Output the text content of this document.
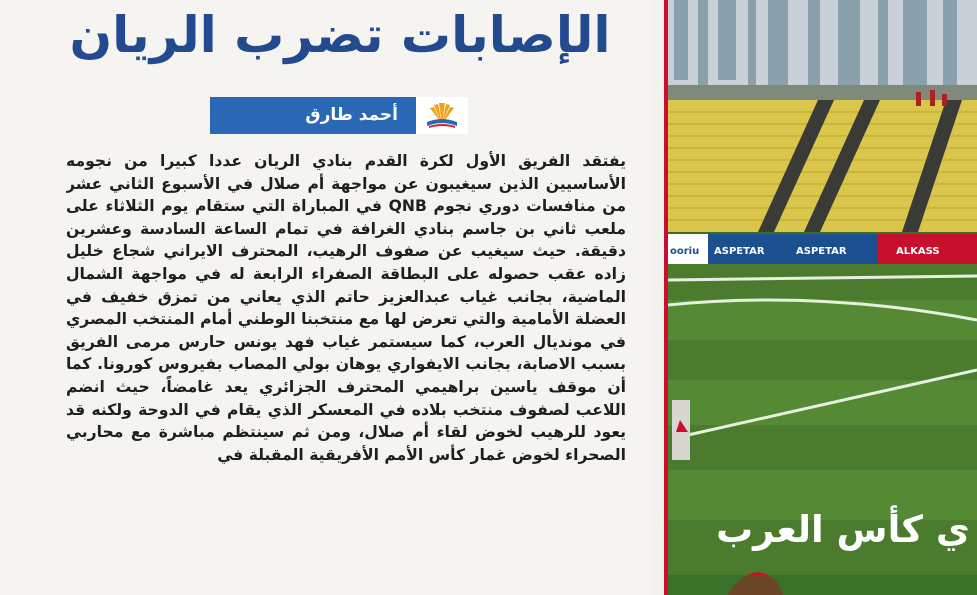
الإصابات تضرب الريان
أحمد طارق

يفتقد الفريق الأول لكرة القدم بنادي الريان عددا كبيرا من نجومه الأساسيين الذين سيغيبون عن مواجهة أم صلال في الأسبوع الثاني عشر من منافسات دوري نجوم QNB في المباراة التي ستقام يوم الثلاثاء على ملعب ثاني بن جاسم بنادي الغرافة في تمام الساعة السادسة وعشرين دقيقة. حيث سيغيب عن صفوف الرهيب، المحترف الايراني شجاع خليل زاده عقب حصوله على البطاقة الصفراء الرابعة له في مواجهة الشمال الماضية، بجانب غياب عبدالعزيز حاتم الذي يعاني من تمزق خفيف في العضلة الأمامية والتي تعرض لها مع منتخبنا الوطني أمام المنتخب المصري في مونديال العرب، كما سيستمر غياب فهد يونس حارس مرمى الفريق بسبب الاصابة، بجانب الايفواري يوهان بولي المصاب بفيروس كورونا. كما أن موقف ياسين براهيمي المحترف الجزائري يعد غامضاً، حيث انضم اللاعب لصفوف منتخب بلاده في المعسكر الذي يقام في الدوحة ولكنه قد يعود للرهيب لخوض لقاء أم صلال، ومن ثم سينتظم مباشرة مع محاربي الصحراء لخوض غمار كأس الأمم الأفريقية المقبلة في

ooriu ASPETAR	ASPETAR	ALKASS
ي كأس العرب
